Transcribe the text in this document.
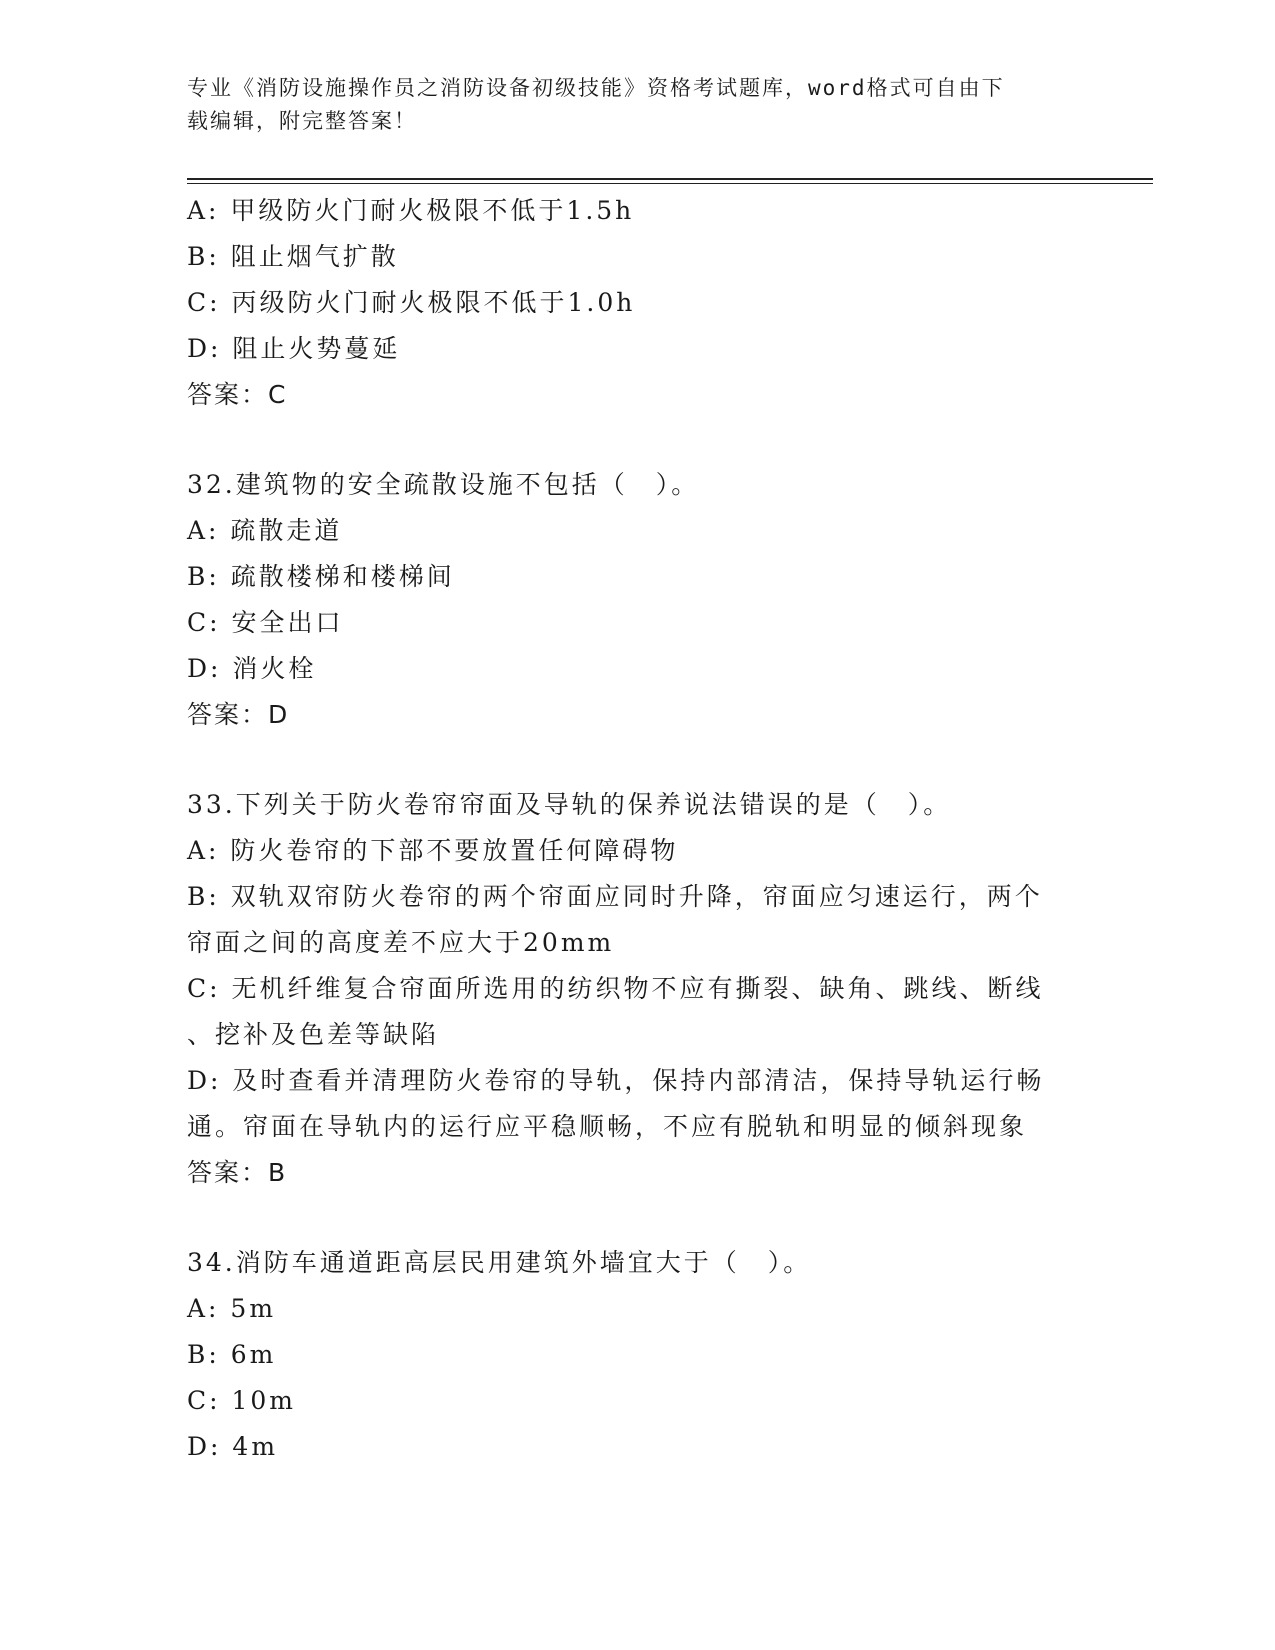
专业《消防设施操作员之消防设备初级技能》资格考试题库，word格式可自由下
载编辑，附完整答案！
A: 甲级防火门耐火极限不低于1.5h
B: 阻止烟气扩散
C: 丙级防火门耐火极限不低于1.0h
D: 阻止火势蔓延
答案：C
32.建筑物的安全疏散设施不包括（　）。
A: 疏散走道
B: 疏散楼梯和楼梯间
C: 安全出口
D: 消火栓
答案：D
33.下列关于防火卷帘帘面及导轨的保养说法错误的是（　）。
A: 防火卷帘的下部不要放置任何障碍物
B: 双轨双帘防火卷帘的两个帘面应同时升降，帘面应匀速运行，两个
帘面之间的高度差不应大于20mm
C: 无机纤维复合帘面所选用的纺织物不应有撕裂、缺角、跳线、断线
、挖补及色差等缺陷
D: 及时查看并清理防火卷帘的导轨，保持内部清洁，保持导轨运行畅
通。帘面在导轨内的运行应平稳顺畅，不应有脱轨和明显的倾斜现象
答案：B
34.消防车通道距高层民用建筑外墙宜大于（　）。
A: 5m
B: 6m
C: 10m
D: 4m
